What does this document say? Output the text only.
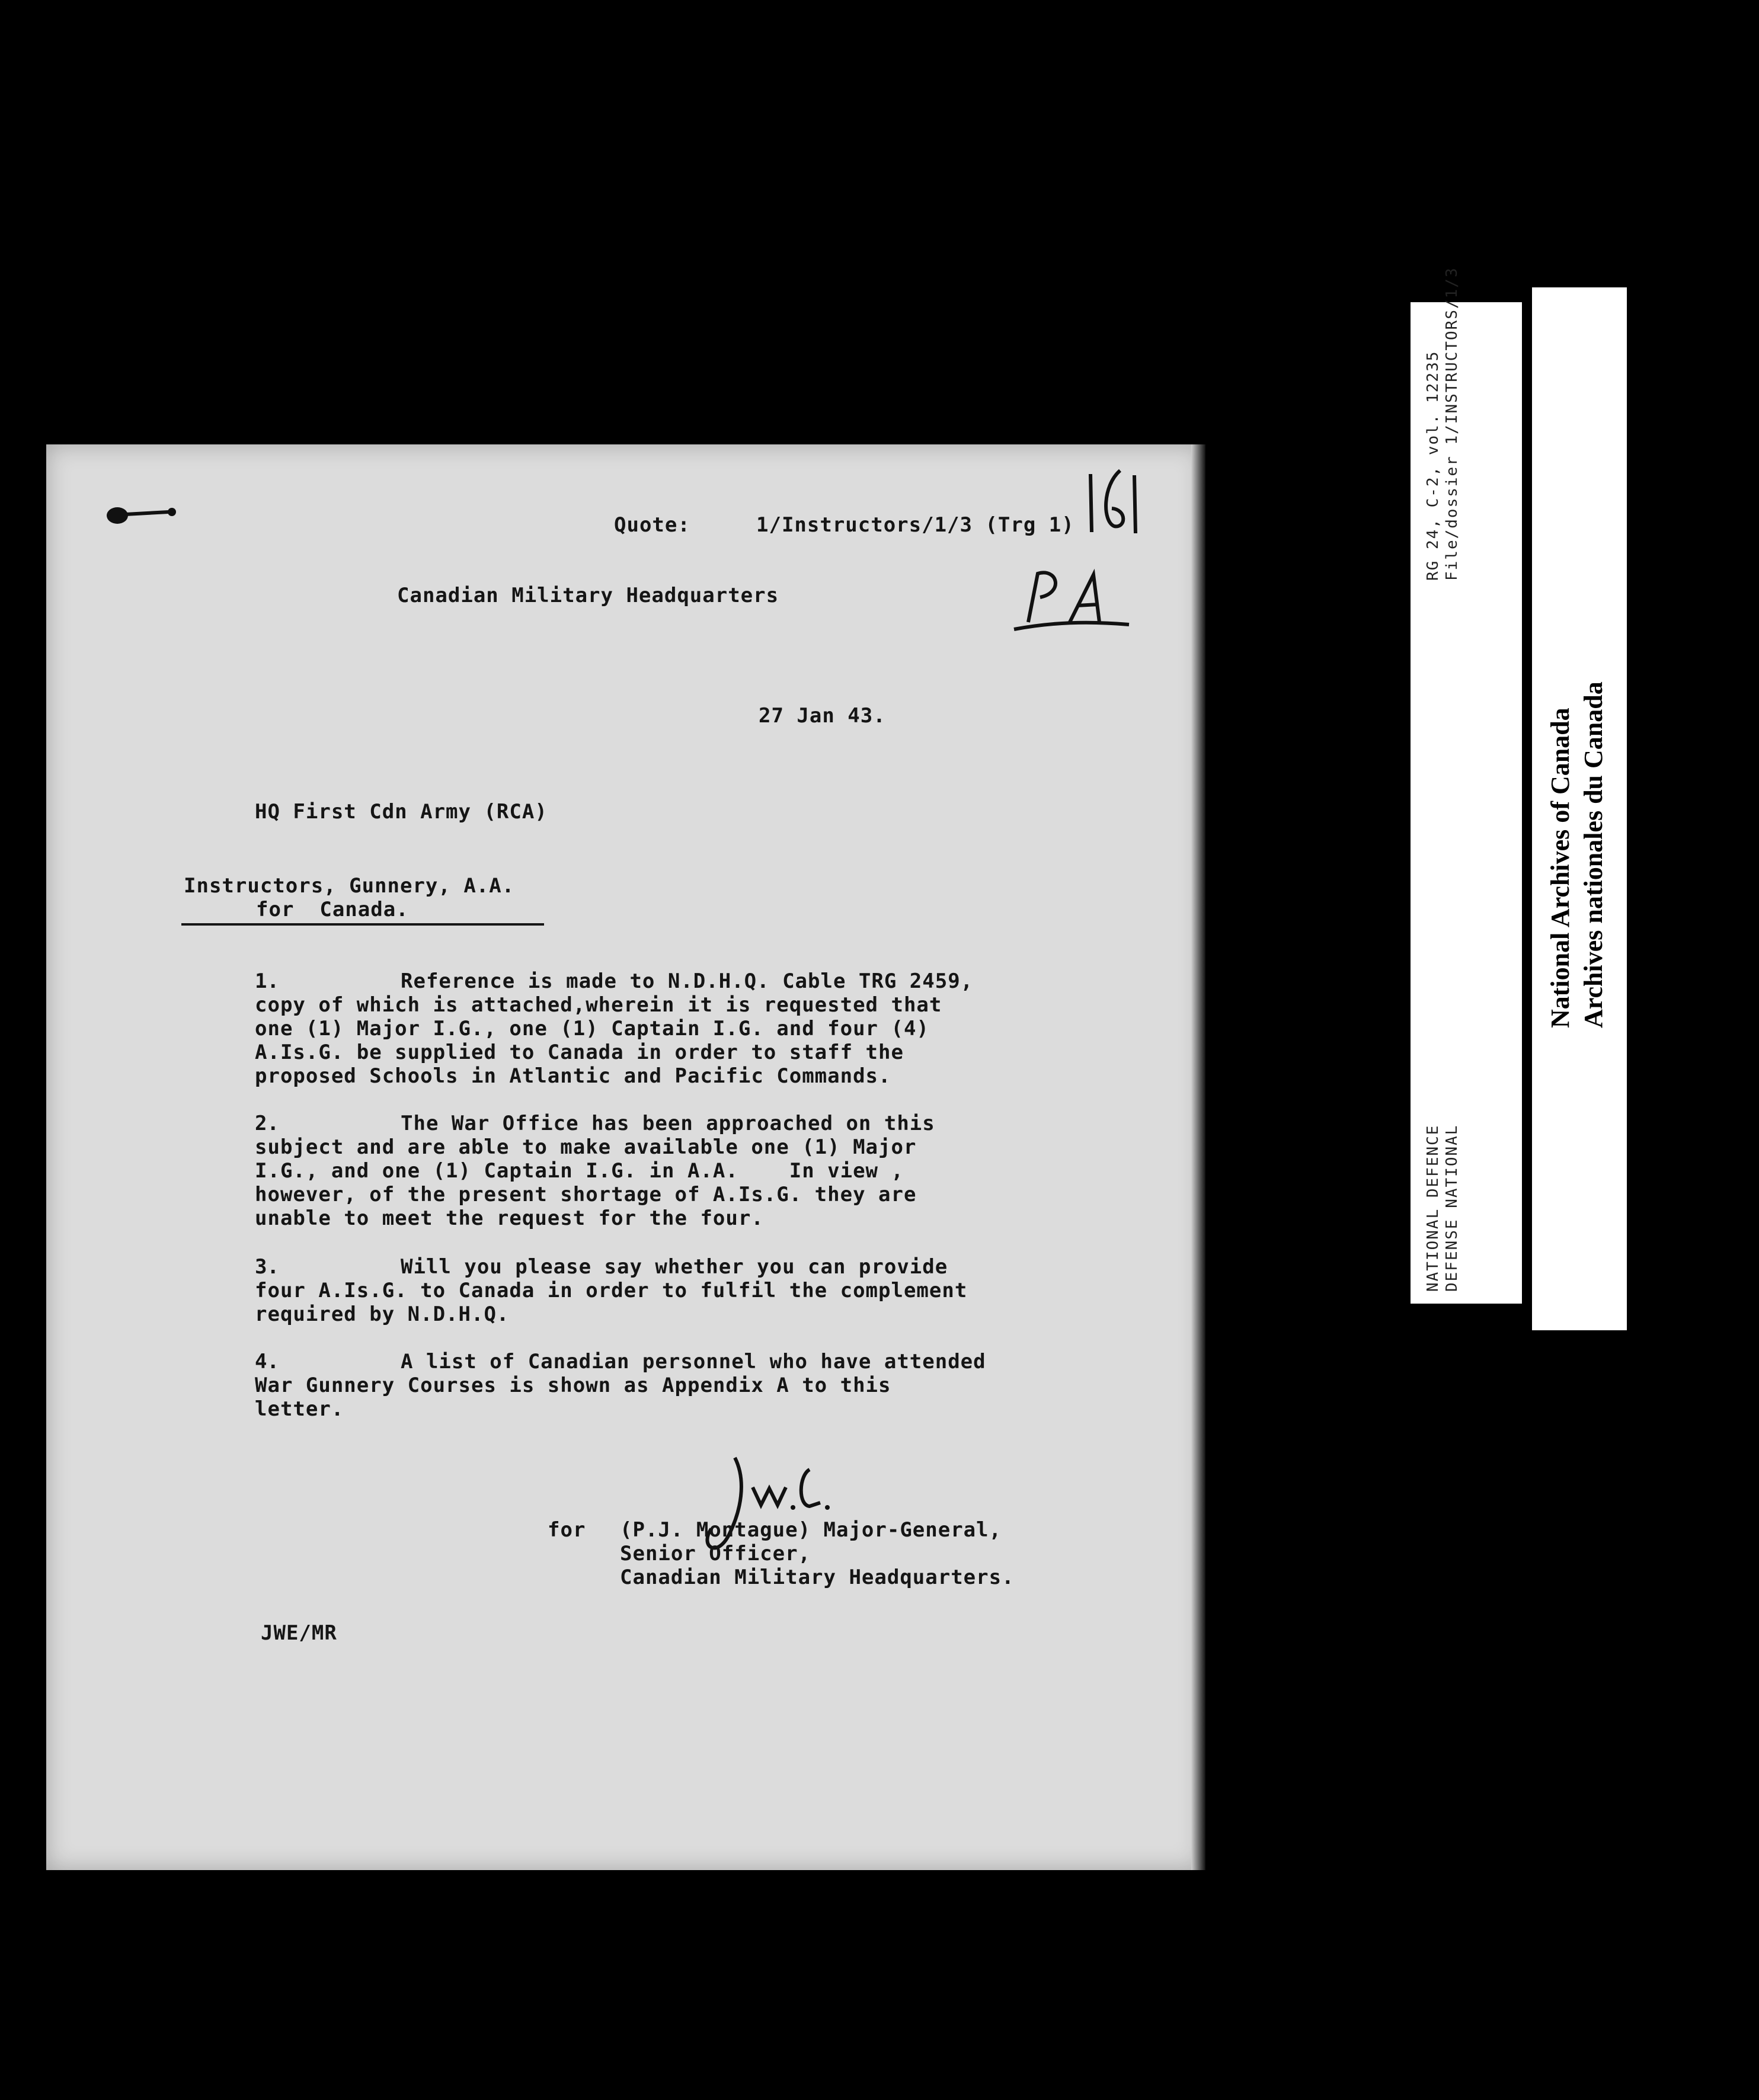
Quote:	1/Instructors/1/3 (Trg 1)
Canadian Military Headquarters
27 Jan 43.
HQ First Cdn Army (RCA)
Instructors, Gunnery, A.A.
for  Canada.
1.	Reference is made to N.D.H.Q. Cable TRG 2459,
copy of which is attached,wherein it is requested that
one (1) Major I.G., one (1) Captain I.G. and four (4)
A.Is.G. be supplied to Canada in order to staff the
proposed Schools in Atlantic and Pacific Commands.
2.	The War Office has been approached on this
subject and are able to make available one (1) Major
I.G., and one (1) Captain I.G. in A.A.    In view ,
however, of the present shortage of A.Is.G. they are
unable to meet the request for the four.
3.	Will you please say whether you can provide
four A.Is.G. to Canada in order to fulfil the complement
required by N.D.H.Q.
4.	A list of Canadian personnel who have attended
War Gunnery Courses is shown as Appendix A to this
letter.
for (P.J. Montague) Major-General,
Senior Officer,
Canadian Military Headquarters.
JWE/MR
RG 24, C-2, vol. 12235 File/dossier 1/INSTRUCTORS/1/3
NATIONAL DEFENCE DEFENSE NATIONAL
National Archives of Canada Archives nationales du Canada
